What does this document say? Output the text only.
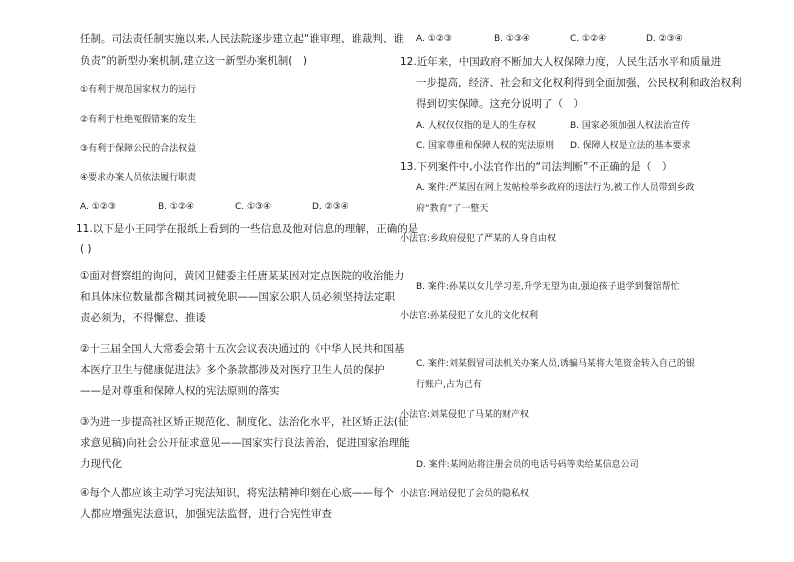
任制。司法责任制实施以来,人民法院逐步建立起“谁审理、谁裁判、谁
负责”的新型办案机制,建立这一新型办案机制(　)
①有利于规范国家权力的运行
②有利于杜绝冤假错案的发生
③有利于保障公民的合法权益
④要求办案人员依法履行职责
A. ①②③	B. ①②④	C. ①③④	D. ②③④
11.以下是小王同学在报纸上看到的一些信息及他对信息的理解，正确的是
( )
①面对督察组的询问，黄冈卫健委主任唐某某因对定点医院的收治能力
和具体床位数量都含糊其词被免职——国家公职人员必须坚持法定职
责必须为，不得懈怠、推诿
②十三届全国人大常委会第十五次会议表决通过的《中华人民共和国基
本医疗卫生与健康促进法》多个条款都涉及对医疗卫生人员的保护
——是对尊重和保障人权的宪法原则的落实
③为进一步提高社区矫正规范化、制度化、法治化水平，社区矫正法(征
求意见稿)向社会公开征求意见——国家实行良法善治，促进国家治理能
力现代化
④每个人都应该主动学习宪法知识，将宪法精神印刻在心底——每个
人都应增强宪法意识，加强宪法监督，进行合宪性审查
A. ①②③	B. ①③④	C. ①②④	D. ②③④
12.近年来，中国政府不断加大人权保障力度，人民生活水平和质量进
一步提高，经济、社会和文化权利得到全面加强，公民权利和政治权利
得到切实保障。这充分说明了（　）
A. 人权仅仅指的是人的生存权	B. 国家必须加强人权法治宣传
C. 国家尊重和保障人权的宪法原则 D. 保障人权是立法的基本要求
13.下列案件中,小法官作出的“司法判断”不正确的是（　）
A. 案件:严某因在网上发帖检举乡政府的违法行为,被工作人员带到乡政
府“教育”了一整天
小法官:乡政府侵犯了严某的人身自由权
B. 案件:孙某以女儿学习差,升学无望为由,强迫孩子退学到餐馆帮忙
小法官:孙某侵犯了女儿的文化权利
C. 案件:刘某假冒司法机关办案人员,诱骗马某将大笔资金转入自己的银
行账户,占为己有
小法官:刘某侵犯了马某的财产权
D. 案件:某网站将注册会员的电话号码等卖给某信息公司
小法官:网站侵犯了会员的隐私权
